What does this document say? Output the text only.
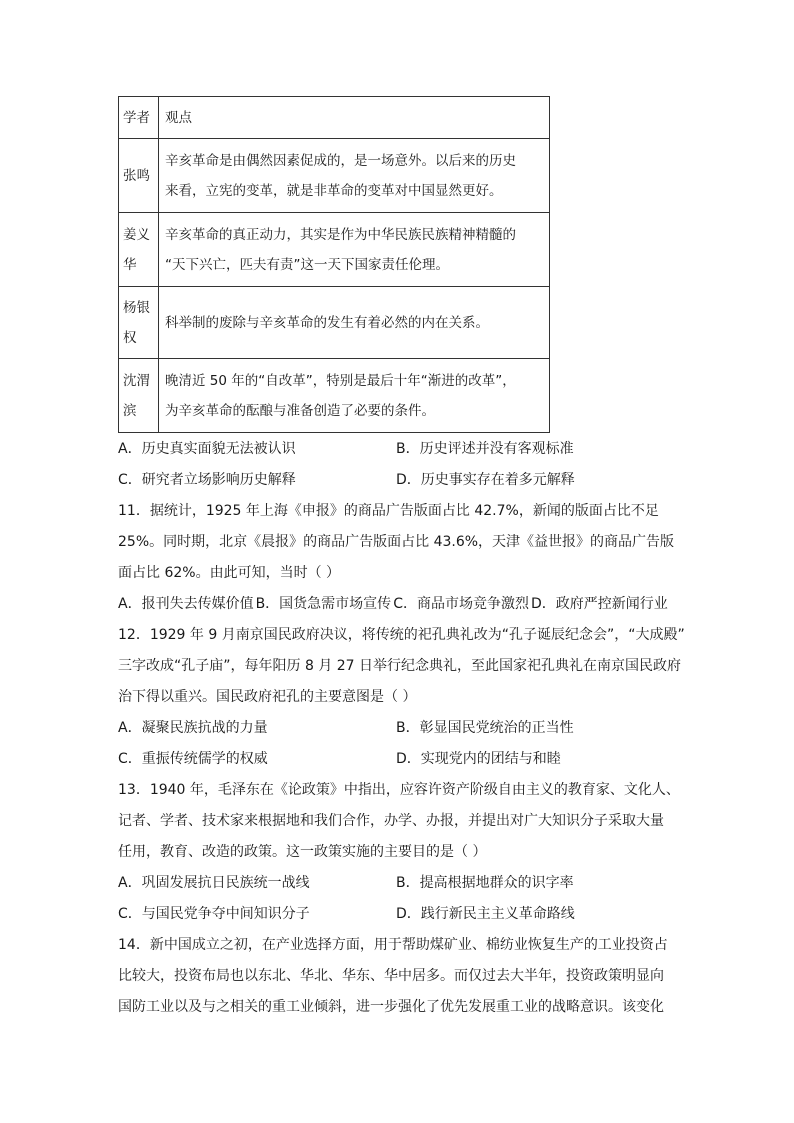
学者	观点

张鸣	辛亥革命是由偶然因素促成的，是一场意外。以后来的历史
来看，立宪的变革，就是非革命的变革对中国显然更好。

姜义
华	辛亥革命的真正动力，其实是作为中华民族民族精神精髓的
“天下兴亡，匹夫有责”这一天下国家责任伦理。

杨银
权	科举制的废除与辛亥革命的发生有着必然的内在关系。

沈渭
滨	晚清近 50 年的“自改革”，特别是最后十年“渐进的改革”，
为辛亥革命的酝酿与准备创造了必要的条件。
A．历史真实面貌无法被认识	B．历史评述并没有客观标准
C．研究者立场影响历史解释	D．历史事实存在着多元解释
11．据统计，1925 年上海《申报》的商品广告版面占比 42.7%，新闻的版面占比不足
25%。同时期，北京《晨报》的商品广告版面占比 43.6%，天津《益世报》的商品广告版
面占比 62%。由此可知，当时（ ）
A．报刊失去传媒价值 B．国货急需市场宣传 C．商品市场竞争激烈 D．政府严控新闻行业
12．1929 年 9 月南京国民政府决议，将传统的祀孔典礼改为“孔子诞辰纪念会”，“大成殿”
三字改成“孔子庙”，每年阳历 8 月 27 日举行纪念典礼，至此国家祀孔典礼在南京国民政府
治下得以重兴。国民政府祀孔的主要意图是（ ）
A．凝聚民族抗战的力量	B．彰显国民党统治的正当性
C．重振传统儒学的权威	D．实现党内的团结与和睦
13．1940 年，毛泽东在《论政策》中指出，应容许资产阶级自由主义的教育家、文化人、
记者、学者、技术家来根据地和我们合作，办学、办报，并提出对广大知识分子采取大量
任用，教育、改造的政策。这一政策实施的主要目的是（ ）
A．巩固发展抗日民族统一战线	B．提高根据地群众的识字率
C．与国民党争夺中间知识分子	D．践行新民主主义革命路线
14．新中国成立之初，在产业选择方面，用于帮助煤矿业、棉纺业恢复生产的工业投资占
比较大，投资布局也以东北、华北、华东、华中居多。而仅过去大半年，投资政策明显向
国防工业以及与之相关的重工业倾斜，进一步强化了优先发展重工业的战略意识。该变化
